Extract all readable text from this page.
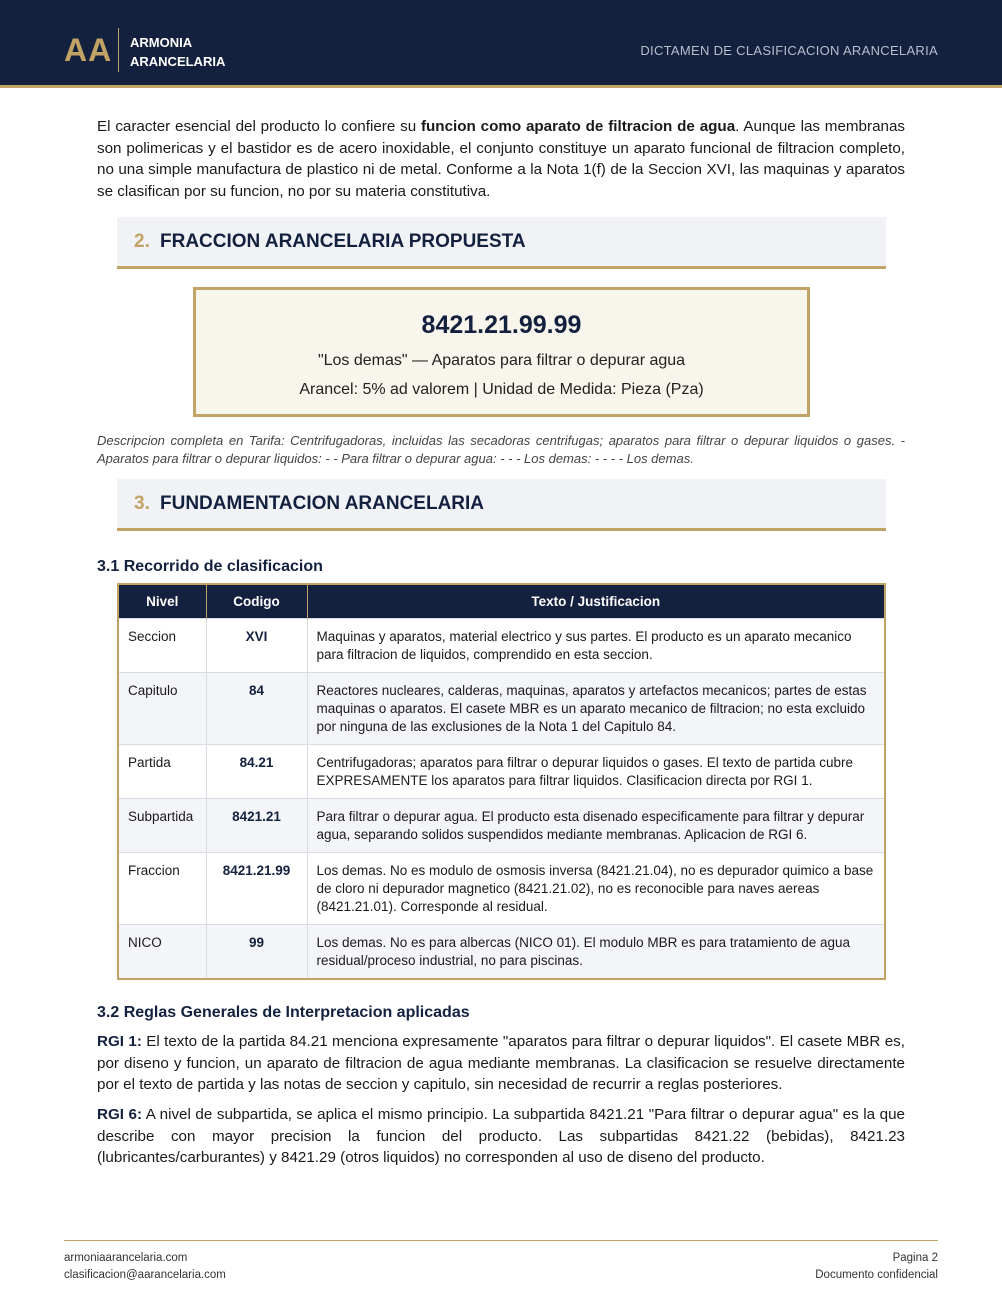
AA ARMONIA
ARANCELARIA
DICTAMEN DE CLASIFICACION ARANCELARIA

El caracter esencial del producto lo confiere su funcion como aparato de filtracion de agua. Aunque las membranas son polimericas y el bastidor es de acero inoxidable, el conjunto constituye un aparato funcional de filtracion completo, no una simple manufactura de plastico ni de metal. Conforme a la Nota 1(f) de la Seccion XVI, las maquinas y aparatos se clasifican por su funcion, no por su materia constitutiva.

2. FRACCION ARANCELARIA PROPUESTA
8421.21.99.99
"Los demas" — Aparatos para filtrar o depurar agua
Arancel: 5% ad valorem | Unidad de Medida: Pieza (Pza)
Descripcion completa en Tarifa: Centrifugadoras, incluidas las secadoras centrifugas; aparatos para filtrar o depurar liquidos o gases. - Aparatos para filtrar o depurar liquidos: - - Para filtrar o depurar agua: - - - Los demas: - - - - Los demas.
3. FUNDAMENTACION ARANCELARIA
3.1 Recorrido de clasificacion
Nivel	Codigo	Texto / Justificacion
Seccion	XVI	Maquinas y aparatos, material electrico y sus partes. El producto es un aparato mecanico para filtracion de liquidos, comprendido en esta seccion.
Capitulo	84	Reactores nucleares, calderas, maquinas, aparatos y artefactos mecanicos; partes de estas maquinas o aparatos. El casete MBR es un aparato mecanico de filtracion; no esta excluido por ninguna de las exclusiones de la Nota 1 del Capitulo 84.
Partida	84.21	Centrifugadoras; aparatos para filtrar o depurar liquidos o gases. El texto de partida cubre EXPRESAMENTE los aparatos para filtrar liquidos. Clasificacion directa por RGI 1.
Subpartida	8421.21	Para filtrar o depurar agua. El producto esta disenado especificamente para filtrar y depurar agua, separando solidos suspendidos mediante membranas. Aplicacion de RGI 6.
Fraccion	8421.21.99	Los demas. No es modulo de osmosis inversa (8421.21.04), no es depurador quimico a base de cloro ni depurador magnetico (8421.21.02), no es reconocible para naves aereas (8421.21.01). Corresponde al residual.
NICO	99	Los demas. No es para albercas (NICO 01). El modulo MBR es para tratamiento de agua residual/proceso industrial, no para piscinas.
3.2 Reglas Generales de Interpretacion aplicadas

RGI 1: El texto de la partida 84.21 menciona expresamente "aparatos para filtrar o depurar liquidos". El casete MBR es, por diseno y funcion, un aparato de filtracion de agua mediante membranas. La clasificacion se resuelve directamente por el texto de partida y las notas de seccion y capitulo, sin necesidad de recurrir a reglas posteriores.

RGI 6: A nivel de subpartida, se aplica el mismo principio. La subpartida 8421.21 "Para filtrar o depurar agua" es la que describe con mayor precision la funcion del producto. Las subpartidas 8421.22 (bebidas), 8421.23 (lubricantes/carburantes) y 8421.29 (otros liquidos) no corresponden al uso de diseno del producto.

armoniaarancelaria.com
clasificacion@aarancelaria.com
Pagina 2
Documento confidencial
